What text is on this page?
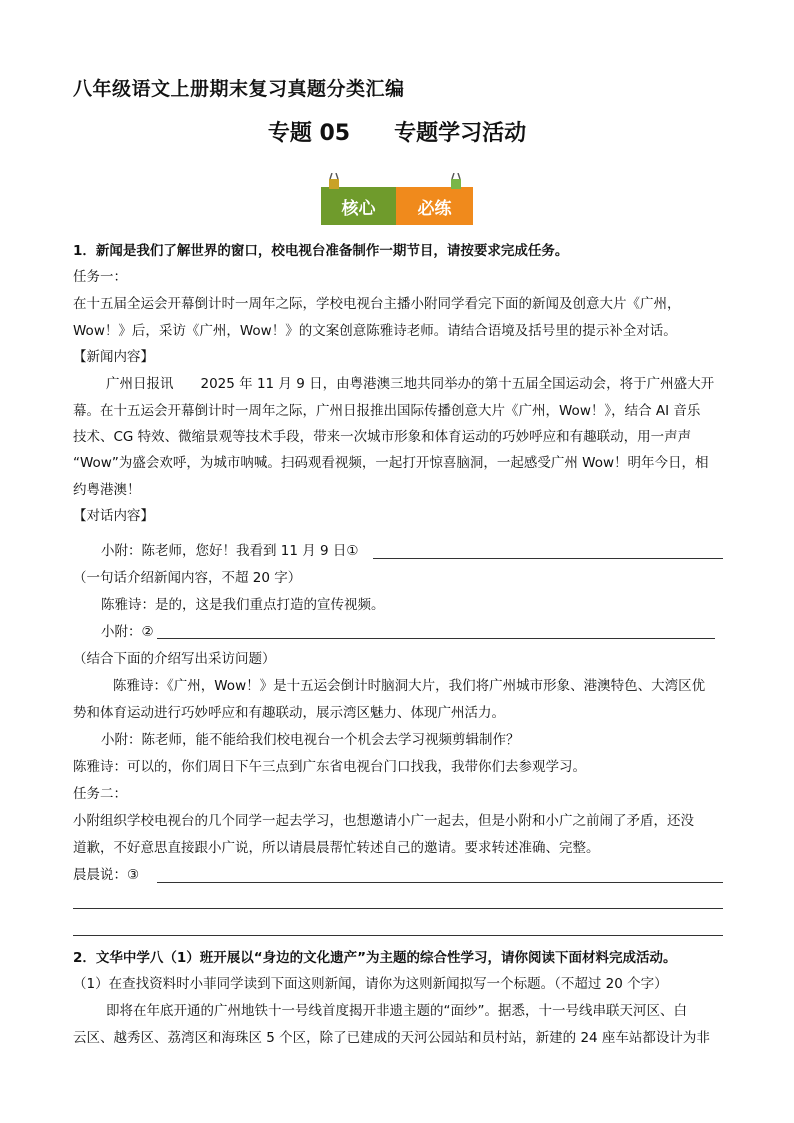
八年级语文上册期末复习真题分类汇编
专题 05 专题学习活动
核心	必练
1．新闻是我们了解世界的窗口，校电视台准备制作一期节目，请按要求完成任务。
任务一：
在十五届全运会开幕倒计时一周年之际，学校电视台主播小附同学看完下面的新闻及创意大片《广州，
Wow！》后，采访《广州，Wow！》的文案创意陈雅诗老师。请结合语境及括号里的提示补全对话。
【新闻内容】
广州日报讯　　2025 年 11 月 9 日，由粤港澳三地共同举办的第十五届全国运动会，将于广州盛大开
幕。在十五运会开幕倒计时一周年之际，广州日报推出国际传播创意大片《广州，Wow！》，结合 AI 音乐
技术、CG 特效、微缩景观等技术手段，带来一次城市形象和体育运动的巧妙呼应和有趣联动，用一声声
“Wow”为盛会欢呼，为城市呐喊。扫码观看视频，一起打开惊喜脑洞，一起感受广州 Wow！明年今日，相
约粤港澳！
【对话内容】
小附：陈老师，您好！我看到 11 月 9 日①
（一句话介绍新闻内容，不超 20 字）
陈雅诗：是的，这是我们重点打造的宣传视频。
小附：②
（结合下面的介绍写出采访问题）
陈雅诗：《广州，Wow！》是十五运会倒计时脑洞大片，我们将广州城市形象、港澳特色、大湾区优
势和体育运动进行巧妙呼应和有趣联动，展示湾区魅力、体现广州活力。
小附：陈老师，能不能给我们校电视台一个机会去学习视频剪辑制作？
陈雅诗：可以的，你们周日下午三点到广东省电视台门口找我，我带你们去参观学习。
任务二：
小附组织学校电视台的几个同学一起去学习，也想邀请小广一起去，但是小附和小广之前闹了矛盾，还没
道歉，不好意思直接跟小广说，所以请晨晨帮忙转述自己的邀请。要求转述准确、完整。
晨晨说：③
2．文华中学八（1）班开展以“身边的文化遗产”为主题的综合性学习，请你阅读下面材料完成活动。
（1）在查找资料时小菲同学读到下面这则新闻，请你为这则新闻拟写一个标题。（不超过 20 个字）
即将在年底开通的广州地铁十一号线首度揭开非遗主题的“面纱”。据悉，十一号线串联天河区、白
云区、越秀区、荔湾区和海珠区 5 个区，除了已建成的天河公园站和员村站，新建的 24 座车站都设计为非
